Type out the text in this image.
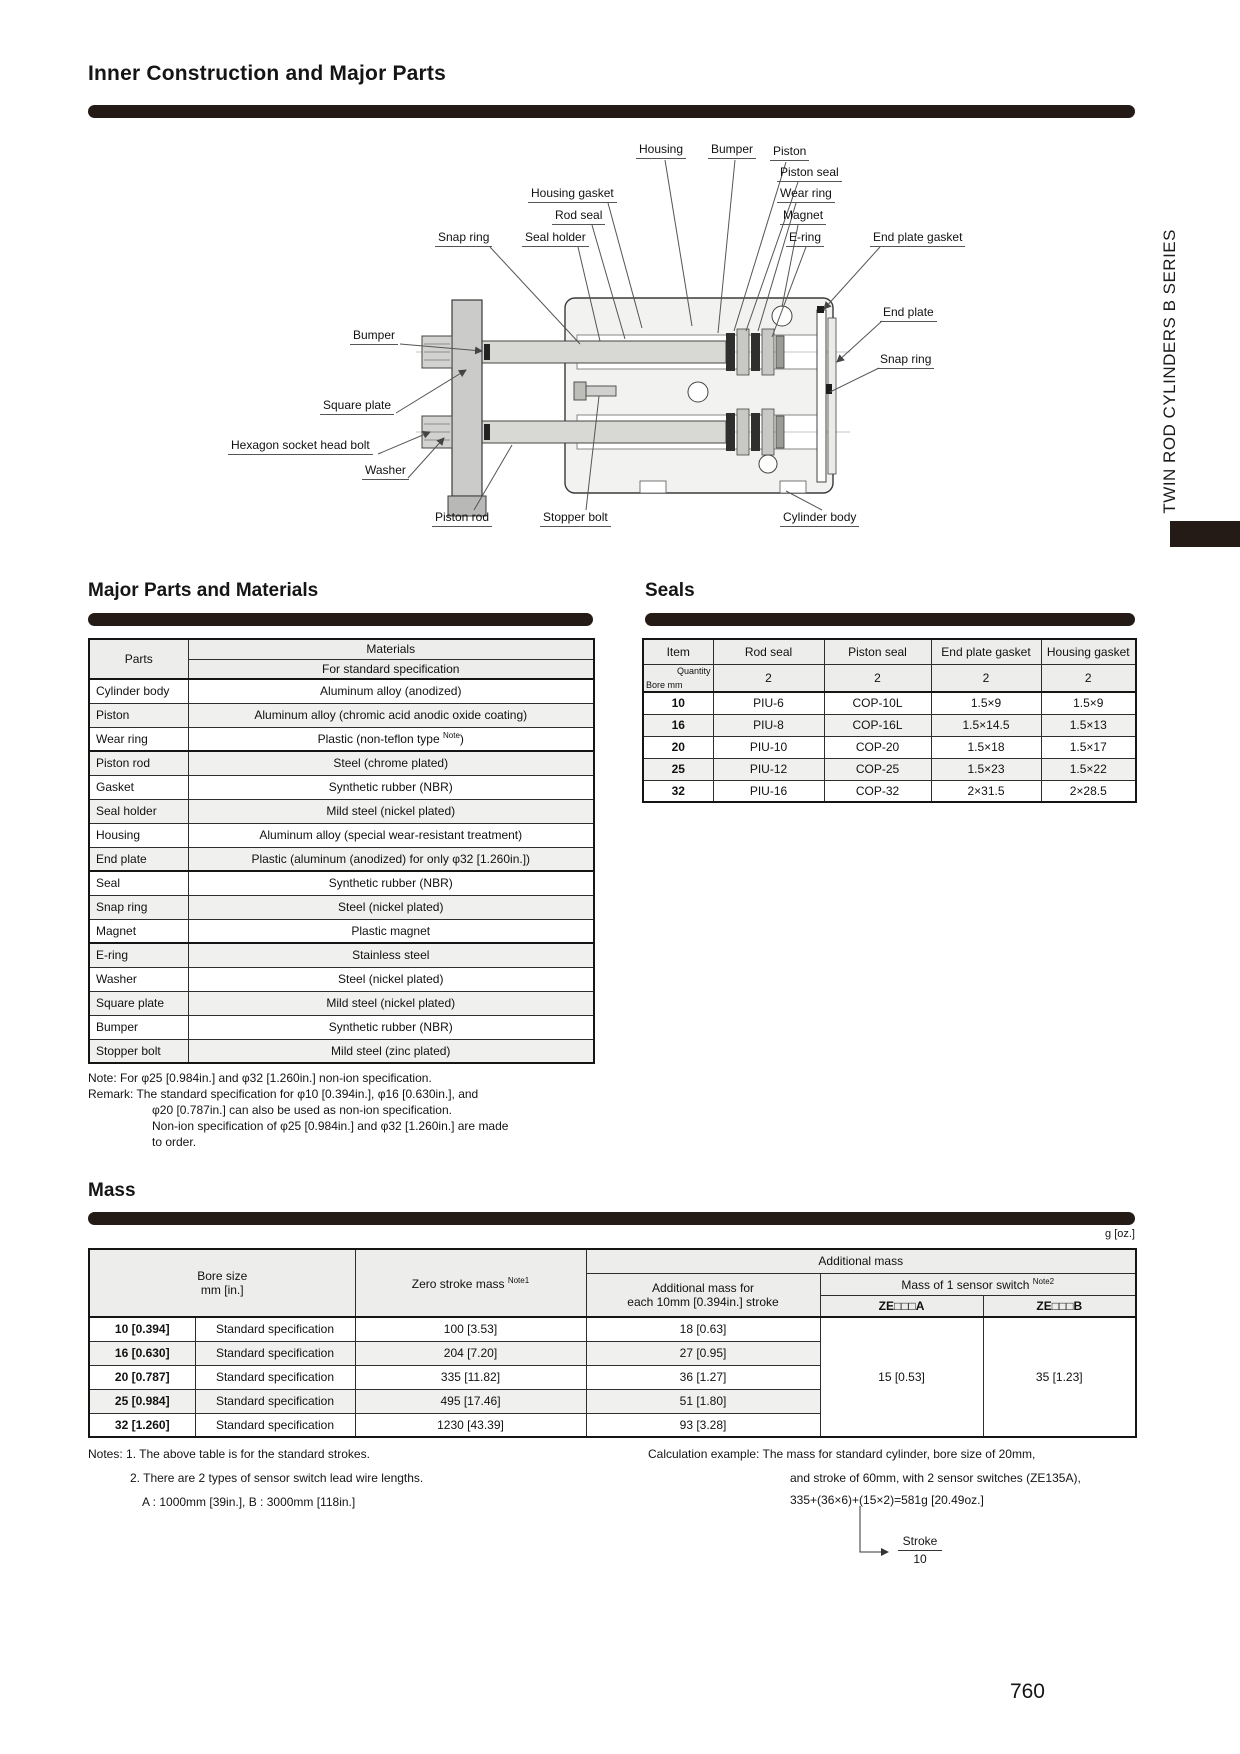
Inner Construction and Major Parts
TWIN ROD CYLINDERS B SERIES
Housing Bumper Piston
Piston seal
Wear ring
Housing gasket
Rod seal	Magnet
Snap ring	Seal holder	E-ring	End plate gasket
End plate
Snap ring
Bumper
Square plate
Hexagon socket head bolt
Washer
Piston rod	Stopper bolt	Cylinder body
Major Parts and Materials
Parts	Materials
	For standard specification
Cylinder body	Aluminum alloy (anodized)
Piston	Aluminum alloy (chromic acid anodic oxide coating)
Wear ring	Plastic (non-teflon type $^{Note}$)
Piston rod	Steel (chrome plated)
Gasket	Synthetic rubber (NBR)
Seal holder	Mild steel (nickel plated)
Housing	Aluminum alloy (special wear-resistant treatment)
End plate	Plastic (aluminum (anodized) for only φ32 [1.260in.])
Seal	Synthetic rubber (NBR)
Snap ring	Steel (nickel plated)
Magnet	Plastic magnet
E-ring	Stainless steel
Washer	Steel (nickel plated)
Square plate	Mild steel (nickel plated)
Bumper	Synthetic rubber (NBR)
Stopper bolt	Mild steel (zinc plated)
Note: For φ25 [0.984in.] and φ32 [1.260in.] non-ion specification.
Remark: The standard specification for φ10 [0.394in.], φ16 [0.630in.], and
φ20 [0.787in.] can also be used as non-ion specification.
Non-ion specification of φ25 [0.984in.] and φ32 [1.260in.] are made
to order.
Seals
Item	Rod seal	Piston seal	End plate gasket	Housing gasket

Quantity
Bore mm	2	2	2	2
10	PIU-6	COP-10L	1.5×9	1.5×9
16	PIU-8	COP-16L	1.5×14.5	1.5×13
20	PIU-10	COP-20	1.5×18	1.5×17
25	PIU-12	COP-25	1.5×23	1.5×22
32	PIU-16	COP-32	2×31.5	2×28.5
Mass
g [oz.]
Bore size
mm [in.]		Zero stroke mass $^{Note1}$	Additional mass		

			Additional mass for
each 10mm [0.394in.] stroke	Mass of 1 sensor switch $^{Note2}$
				ZE□□□A	ZE□□□B
10 [0.394]	Standard specification	100 [3.53]	18 [0.63]	15 [0.53]	35 [1.23]
16 [0.630]	Standard specification	204 [7.20]	27 [0.95]		
20 [0.787]	Standard specification	335 [11.82]	36 [1.27]		
25 [0.984]	Standard specification	495 [17.46]	51 [1.80]		
32 [1.260]	Standard specification	1230 [43.39]	93 [3.28]		
Notes: 1. The above table is for the standard strokes.
2. There are 2 types of sensor switch lead wire lengths.
A : 1000mm [39in.], B : 3000mm [118in.]
Calculation example: The mass for standard cylinder, bore size of 20mm,
and stroke of 60mm, with 2 sensor switches (ZE135A),
335+(36×6)+(15×2)=581g [20.49oz.]
Stroke
10
760
